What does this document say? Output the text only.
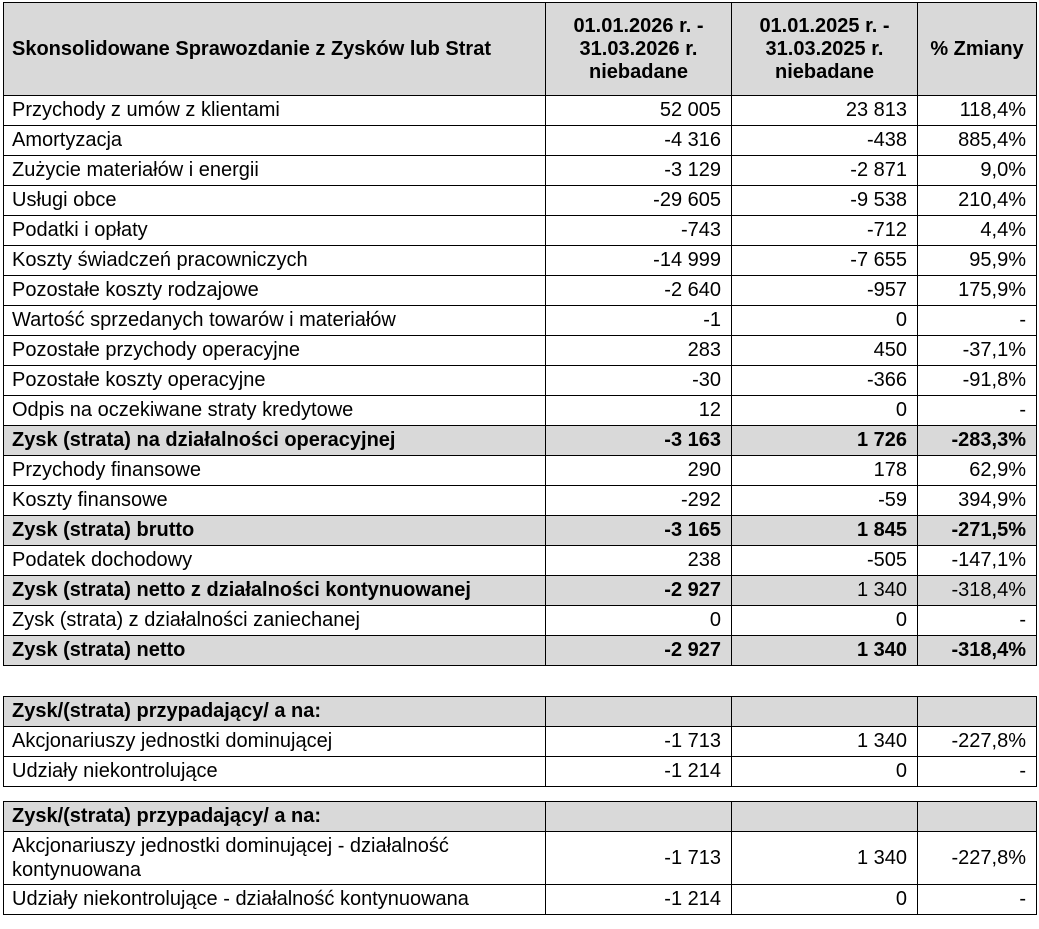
Skonsolidowane Sprawozdanie z Zysków lub Strat	01.01.2026 r. - 31.03.2026 r. niebadane	01.01.2025 r. - 31.03.2025 r. niebadane	% Zmiany
Przychody z umów z klientami	52 005	23 813	118,4%
Amortyzacja	-4 316	-438	885,4%
Zużycie materiałów i energii	-3 129	-2 871	9,0%
Usługi obce	-29 605	-9 538	210,4%
Podatki i opłaty	-743	-712	4,4%
Koszty świadczeń pracowniczych	-14 999	-7 655	95,9%
Pozostałe koszty rodzajowe	-2 640	-957	175,9%
Wartość sprzedanych towarów i materiałów	-1	0	-
Pozostałe przychody operacyjne	283	450	-37,1%
Pozostałe koszty operacyjne	-30	-366	-91,8%
Odpis na oczekiwane straty kredytowe	12	0	-
Zysk (strata) na działalności operacyjnej	-3 163	1 726	-283,3%
Przychody finansowe	290	178	62,9%
Koszty finansowe	-292	-59	394,9%
Zysk (strata) brutto	-3 165	1 845	-271,5%
Podatek dochodowy	238	-505	-147,1%
Zysk (strata) netto z działalności kontynuowanej	-2 927	1 340	-318,4%
Zysk (strata) z działalności zaniechanej	0	0	-
Zysk (strata) netto	-2 927	1 340	-318,4%
Zysk/(strata) przypadający/ a na:			
Akcjonariuszy jednostki dominującej	-1 713	1 340	-227,8%
Udziały niekontrolujące	-1 214	0	-
Zysk/(strata) przypadający/ a na:			
Akcjonariuszy jednostki dominującej - działalność kontynuowana	-1 713	1 340	-227,8%
Udziały niekontrolujące - działalność kontynuowana	-1 214	0	-
